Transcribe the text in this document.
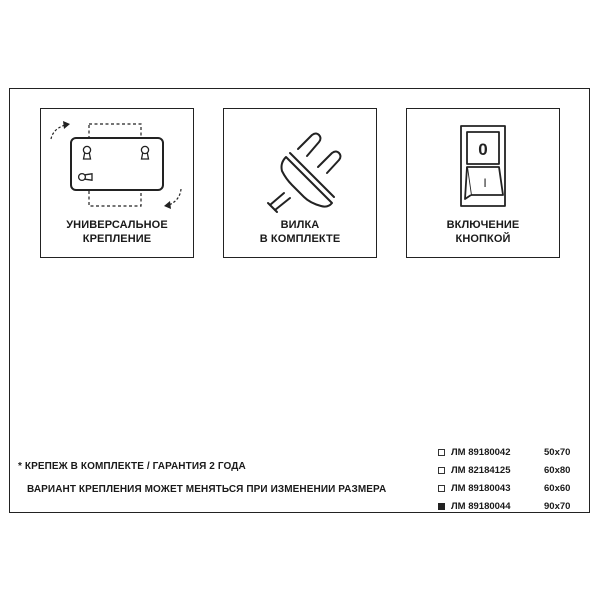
УНИВЕРСАЛЬНОЕ
КРЕПЛЕНИЕ
ВИЛКА
В КОМПЛЕКТЕ
0
I
ВКЛЮЧЕНИЕ
КНОПКОЙ
* КРЕПЕЖ В КОМПЛЕКТЕ / ГАРАНТИЯ 2 ГОДА
ВАРИАНТ КРЕПЛЕНИЯ МОЖЕТ МЕНЯТЬСЯ ПРИ ИЗМЕНЕНИИ РАЗМЕРА
ЛМ 89180042	50x70
ЛМ 82184125	60x80
ЛМ 89180043	60x60
ЛМ 89180044	90x70
